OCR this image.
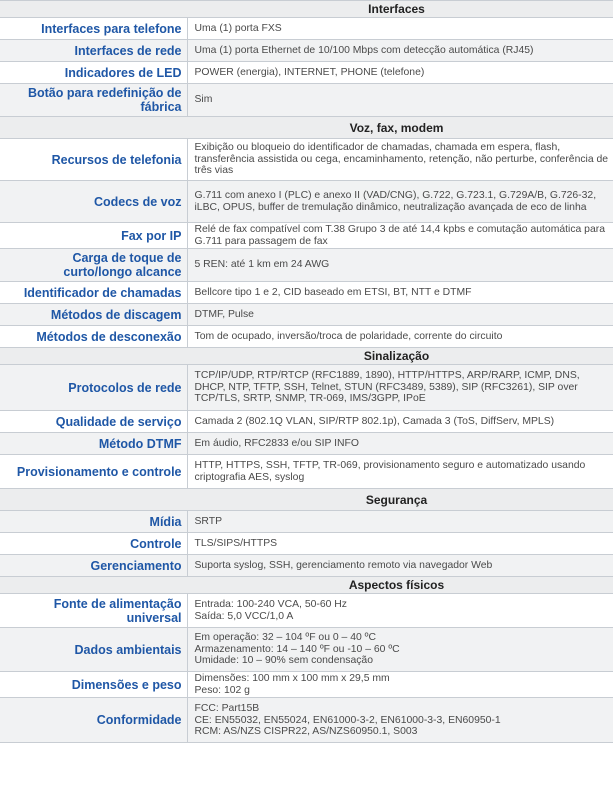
Interfaces	
Interfaces para telefone	Uma (1) porta FXS
Interfaces de rede	Uma (1) porta Ethernet de 10/100 Mbps com detecção automática (RJ45)
Indicadores de LED	POWER (energia), INTERNET, PHONE (telefone)
Botão para redefinição de fábrica	Sim
Voz, fax, modem	
Recursos de telefonia	Exibição ou bloqueio do identificador de chamadas, chamada em espera, flash, transferência assistida ou cega, encaminhamento, retenção, não perturbe, conferência de três vias
Codecs de voz	G.711 com anexo I (PLC) e anexo II (VAD/CNG), G.722, G.723.1, G.729A/B, G.726-32, iLBC, OPUS, buffer de tremulação dinâmico, neutralização avançada de eco de linha
Fax por IP	Relé de fax compatível com T.38 Grupo 3 de até 14,4 kpbs e comutação automática para G.711 para passagem de fax
Carga de toque de curto/longo alcance	5 REN: até 1 km em 24 AWG
Identificador de chamadas	Bellcore tipo 1 e 2, CID baseado em ETSI, BT, NTT e DTMF
Métodos de discagem	DTMF, Pulse
Métodos de desconexão	Tom de ocupado, inversão/troca de polaridade, corrente do circuito
Sinalização	
Protocolos de rede	TCP/IP/UDP, RTP/RTCP (RFC1889, 1890), HTTP/HTTPS, ARP/RARP, ICMP, DNS, DHCP, NTP, TFTP, SSH, Telnet, STUN (RFC3489, 5389), SIP (RFC3261), SIP over TCP/TLS, SRTP, SNMP, TR-069, IMS/3GPP, IPoE
Qualidade de serviço	Camada 2 (802.1Q VLAN, SIP/RTP 802.1p), Camada 3 (ToS, DiffServ, MPLS)
Método DTMF	Em áudio, RFC2833 e/ou SIP INFO
Provisionamento e controle	HTTP, HTTPS, SSH, TFTP, TR-069, provisionamento seguro e automatizado usando criptografia AES, syslog
Segurança	
Mídia	SRTP
Controle	TLS/SIPS/HTTPS
Gerenciamento	Suporta syslog, SSH, gerenciamento remoto via navegador Web
Aspectos físicos	
Fonte de alimentação universal	Entrada: 100-240 VCA, 50-60 Hz
Saída: 5,0 VCC/1,0 A

Dados ambientais	Em operação: 32 – 104 ºF ou 0 – 40 ºC
Armazenamento: 14 – 140 ºF ou -10 – 60 ºC
Umidade: 10 – 90% sem condensação

Dimensões e peso	Dimensões: 100 mm x 100 mm x 29,5 mm
Peso: 102 g

Conformidade	FCC: Part15B
CE: EN55032, EN55024, EN61000-3-2, EN61000-3-3, EN60950-1
RCM: AS/NZS CISPR22, AS/NZS60950.1, S003
